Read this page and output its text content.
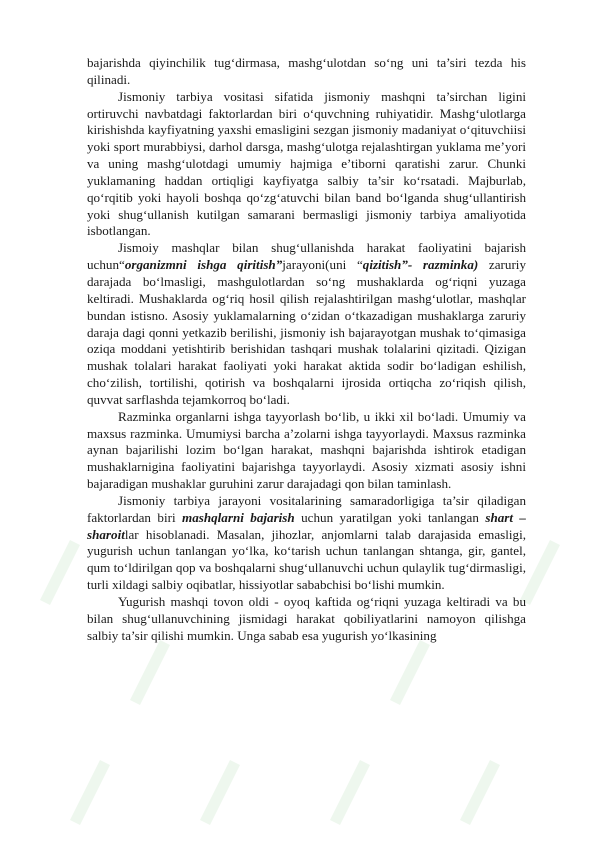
bajarishda qiyinchilik tug‘dirmasa, mashg‘ulotdan so‘ng uni ta’siri tezda his qilinadi.

Jismoniy tarbiya vositasi sifatida jismoniy mashqni ta’sirchan ligini ortiruvchi navbatdagi faktorlardan biri o‘quvchning ruhiyatidir. Mashg‘ulotlarga kirishishda kayfiyatning yaxshi emasligini sezgan jismoniy madaniyat o‘qituvchiisi yoki sport murabbiysi, darhol darsga, mashg‘ulotga rejalashtirgan yuklama me’yori va uning mashg‘ulotdagi umumiy hajmiga e’tiborni qaratishi zarur. Chunki yuklamaning haddan ortiqligi kayfiyatga salbiy ta’sir ko‘rsatadi. Majburlab, qo‘rqitib yoki hayoli boshqa qo‘zg‘atuvchi bilan band bo‘lganda shug‘ullantirish yoki shug‘ullanish kutilgan samarani bermasligi jismoniy tarbiya amaliyotida isbotlangan.

Jismoiy mashqlar bilan shug‘ullanishda harakat faoliyatini bajarish uchun“organizmni ishga qiritish”jarayoni(uni “qizitish”- razminka) zaruriy darajada bo‘lmasligi, mashgulotlardan so‘ng mushaklarda og‘riqni yuzaga keltiradi. Mushaklarda og‘riq hosil qilish rejalashtirilgan mashg‘ulotlar, mashqlar bundan istisno. Asosiy yuklamalarning o‘zidan o‘tkazadigan mushaklarga zaruriy daraja dagi qonni yetkazib berilishi, jismoniy ish bajarayotgan mushak to‘qimasiga oziqa moddani yetishtirib berishidan tashqari mushak tolalarini qizitadi. Qizigan mushak tolalari harakat faoliyati yoki harakat aktida sodir bo‘ladigan eshilish, cho‘zilish, tortilishi, qotirish va boshqalarni ijrosida ortiqcha zo‘riqish qilish, quvvat sarflashda tejamkorroq bo‘ladi.

Razminka organlarni ishga tayyorlash bo‘lib, u ikki xil bo‘ladi. Umumiy va maxsus razminka. Umumiysi barcha a’zolarni ishga tayyorlaydi. Maxsus razminka aynan bajarilishi lozim bo‘lgan harakat, mashqni bajarishda ishtirok etadigan mushaklarnigina faoliyatini bajarishga tayyorlaydi. Asosiy xizmati asosiy ishni bajaradigan mushaklar guruhini zarur darajadagi qon bilan taminlash.

Jismoniy tarbiya jarayoni vositalarining samaradorligiga ta’sir qiladigan faktorlardan biri mashqlarni bajarish uchun yaratilgan yoki tanlangan shart – sharoitlar hisoblanadi. Masalan, jihozlar, anjomlarni talab darajasida emasligi, yugurish uchun tanlangan yo‘lka, ko‘tarish uchun tanlangan shtanga, gir, gantel, qum to‘ldirilgan qop va boshqalarni shug‘ullanuvchi uchun qulaylik tug‘dirmasligi, turli xildagi salbiy oqibatlar, hissiyotlar sababchisi bo‘lishi mumkin.

Yugurish mashqi tovon oldi - oyoq kaftida og‘riqni yuzaga keltiradi va bu bilan shug‘ullanuvchining jismidagi harakat qobiliyatlarini namoyon qilishga salbiy ta’sir qilishi mumkin. Unga sabab esa yugurish yo‘lkasining
